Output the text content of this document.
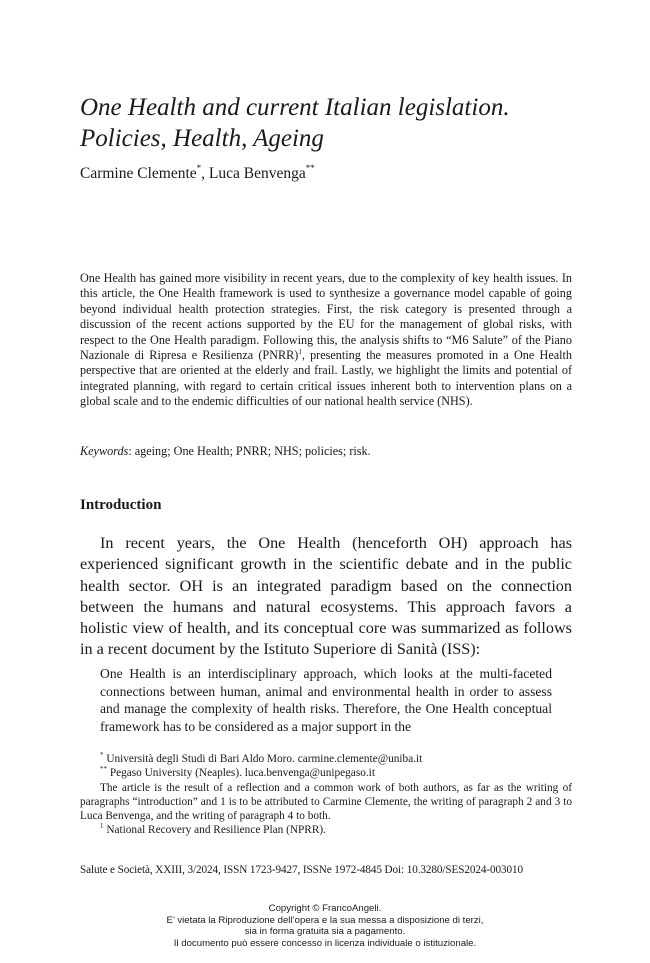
One Health and current Italian legislation.
Policies, Health, Ageing

Carmine Clemente*, Luca Benvenga**

One Health has gained more visibility in recent years, due to the complexity of key health issues. In this article, the One Health framework is used to synthesize a governance model capable of going beyond individual health protection strategies. First, the risk category is presented through a discussion of the recent actions supported by the EU for the management of global risks, with respect to the One Health paradigm. Following this, the analysis shifts to “M6 Salute” of the Piano Nazionale di Ripresa e Resilienza (PNRR)$^1$, presenting the measures promoted in a One Health perspective that are oriented at the elderly and frail. Lastly, we highlight the limits and potential of integrated planning, with regard to certain critical issues inherent both to intervention plans on a global scale and to the endemic difficulties of our national health service (NHS).

Keywords: ageing; One Health; PNRR; NHS; policies; risk.

Introduction

In recent years, the One Health (henceforth OH) approach has experienced significant growth in the scientific debate and in the public health sector. OH is an integrated paradigm based on the connection between the humans and natural ecosystems. This approach favors a holistic view of health, and its conceptual core was summarized as follows in a recent document by the Istituto Superiore di Sanità (ISS):

One Health is an interdisciplinary approach, which looks at the multi-faceted connections between human, animal and environmental health in order to assess and manage the complexity of health risks. Therefore, the One Health conceptual framework has to be considered as a major support in the

* Università degli Studi di Bari Aldo Moro. carmine.clemente@uniba.it
** Pegaso University (Neaples). luca.benvenga@unipegaso.it
The article is the result of a reflection and a common work of both authors, as far as the writing of paragraphs “introduction” and 1 is to be attributed to Carmine Clemente, the writing of paragraph 2 and 3 to Luca Benvenga, and the writing of paragraph 4 to both.
$^1$ National Recovery and Resilience Plan (NPRR).

Salute e Società, XXIII, 3/2024, ISSN 1723-9427, ISSNe 1972-4845 Doi: 10.3280/SES2024-003010

Copyright © FrancoAngeli.
E’ vietata la Riproduzione dell’opera e la sua messa a disposizione di terzi,
sia in forma gratuita sia a pagamento.
Il documento può essere concesso in licenza individuale o istituzionale.
